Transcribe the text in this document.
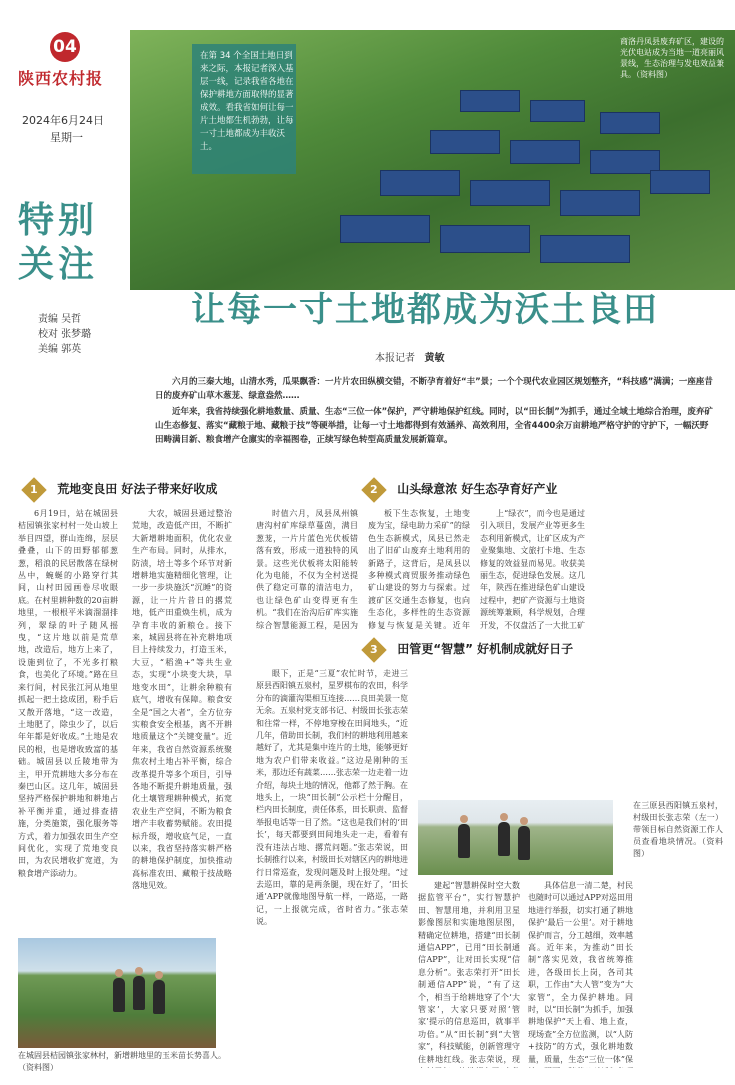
04
陕西农村报
2024年6月24日
星期一
特别关注
责编 吴哲
校对 张梦璐
美编 郭英
在第 34 个全国土地日到来之际，本报记者深入基层一线，记录我省各地在保护耕地方面取得的显著成效。看我省如何让每一片土地都生机勃勃，让每一寸土地都成为丰收沃土。
商洛丹凤县废弃矿区，建设的光伏电站成为当地一道亮丽风景线，生态治理与发电效益兼具。（资料图）
让每一寸土地都成为沃土良田
本报记者 黄敏

六月的三秦大地，山清水秀，瓜果飘香：一片片农田纵横交错，不断孕育着好“丰”景；一个个现代农业园区规划整齐，“科技感”满满；一座座昔日的废弃矿山草木葱茏、绿意盎然……

近年来，我省持续强化耕地数量、质量、生态“三位一体”保护，严守耕地保护红线。同时，以“田长制”为抓手，通过全域土地综合治理，废弃矿山生态修复、落实“藏粮于地、藏粮于技”等硬举措，让每一寸土地都得到有效涵养、高效利用，全省4400余万亩耕地严格守护的守护下，一幅沃野田畴满目新、粮食增产仓廪实的幸福图卷，正续写绿色转型高质量发展新篇章。

1 荒地变良田 好法子带来好收成	2 山头绿意浓 好生态孕育好产业
3 田管更“智慧” 好机制成就好日子

6月19日，站在城固县桔园镇张家村村一处山坡上举目四望，群山连绵，层层叠叠，山下的田野郁郁葱葱，稻浪的民居散落在绿树丛中，蜿蜒的小路穿行其间，山村田园画卷尽收眼底。在村里耕种数的20亩耕地里，一根根平米滴溜溜排列，翠绿的叶子随风摇曳，“这片地以前是荒草地，改造后，地方上来了，设施到位了，不光多打粮食，也美化了环境。”路在旦来行间，村民张江河从地里抓起一把土捻成团，粉手后又散开落地，“这一改造，土地肥了，除虫少了，以后年年都是好收成。”土地是农民的根，也是增收致富的基础。城固县以丘陵地带为主，甲开荒耕地大多分布在秦巴山区。这几年，城固县坚持严格保护耕地和耕地占补平衡并重，通过排查措施，分类施策，强化服务等方式，着力加强农田生产空间优化，实现了荒地变良田，为农民增收扩宽道，为粮食增产添动力。

大农，城固县通过整治荒地，改造低产田，不断扩大新增耕地面积，优化农业生产布局。同时，从排水，防渍，培土等多个环节对新增耕地实施精细化管理，让一步一步块施沃“沉睡”的资源，让一片片昔日的撂荒地，低产田重焕生机，成为孕育丰收的新粮仓。接下来，城固县将在补充耕地项目上持续发力，打造玉米，大豆，“稻渔+”等共生业态，实现“小块变大块，旱地变水田”，让耕余种粮有底气，增收有保障。粮食安全是“国之大者”，全方位夯实粮食安全根基，离不开耕地质量这个“关键变量”。近年来，我省自然资源系统聚焦农村土地占补平衡，综合改革提升等多个项目，引导各地不断提升耕地质量，强化土壤管理耕种模式，拓宽农业生产空间，不断为粮食增产丰收蓄势赋能。农田提标升级，增收底气足，一直以来，我省坚持落实耕严格的耕地保护制度，加快推动高标准农田、藏粮于技战略落地见效。

时值六月，凤县凤州镇唐沟村矿库绿草蔓茵，满目葱茏，一片片蓝色光伏板错落有致，形成一道独特的风景。这些光伏板将太阳能转化为电能，不仅为全村送提供了稳定可靠的清洁电力，也让绿色矿山变得更有生机。“我们在治沟后矿库实施综合智慧能源工程，是因为

板下生态恢复，土地变废为宝，绿电助力采矿”的绿色生态新模式，凤县已然走出了旧矿山废弃土地利用的新路子，这背后，是凤县以多种模式商贸服务推动绿色矿山建设的努力与探索。过渡矿区交通生态修复，也向生态化，多样性的生态资源修复与恢复是关键。近年

上“绿衣”，而今也是通过引入项目，发展产业等更多生态利用新模式，让矿区成为产业聚集地、文旅打卡地、生态修复的效益显而易见。收获美丽生态，促进绿色发展。这几年，陕西在推进绿色矿山建设过程中，把矿产资源与土地资源统筹兼顾，科学规划，合理开发，不仅盘活了一大批工矿

眼下，正是“三夏”农忙时节，走进三原县西阳镇五泉村，星罗棋布的农田，科学分布的滴灌沟渠相互连接……良田美景一览无余。五泉村党支部书记、村级田长张志荣和往常一样，不停地穿梭在田间地头，“近几年，借助田长制，我们村的耕地利用越来越好了，尤其是集中连片的土地，能够更好地为农户们带来收益。”这边是刚种的玉米，那边还有蔬菜……张志荣一边走着一边介绍，每块土地的情况，他都了然于胸。在地头上，一块“田长制”公示栏十分醒目，栏内田长制度，责任体系，田长职责、监督举报电话等一目了然。“这也是我们村的‘田长’，每天都要到田间地头走一走，看着有没有违法占地、撂荒问题。”张志荣说，田长制推行以来，村级田长对辖区内的耕地进行日常巡查，发现问题及时上报处理。“过去巡田，靠的是两条腿，现在好了，‘田长通’APP就像地图导航一样，一路巡，一路记，一上报就完成，省时省力。”张志荣说。

建起“智慧耕保时空大数据监管平台”，实行智慧护田、智慧用地，并利用卫星影像图层和实施地图层图，精确定位耕地，搭建“田长制通信APP”，已用“田长制通信APP”，让对田长实现“信息分析”。张志荣打开“田长制通信APP”说，“有了这个，相当于给耕地穿了个‘大管家’，大家只要对照‘管家’提示的信息巡田，就事半功倍。”从“田长制”到“大管家”，科技赋能，创新管理守住耕地红线。张志荣说，现

具体信息一清二楚，村民也随时可以通过APP对巡田用地进行举报，切实打通了耕地保护‘最后一公里’。对于耕地保护而言，分工越细，效率越高。近年来，为推动“田长制”落实见效，我省统筹推进，各级田长上岗，各司其职，工作由“大人管”变为“大家管”，全力保护耕地。同时，以“田长制”为抓手，加强耕地保护“天上看、地上查，现场查”全方位监测，以“人防+技防”的方式，强化耕地数量，质量，生态“三位一体”保

在城固县桔园镇张家林村，新增耕地里的玉米苗长势喜人。（资料图）
在三原县西阳镇五泉村，村级田长张志荣（左一）带领目标自然资源工作人员查看地块情况。（资料图）
